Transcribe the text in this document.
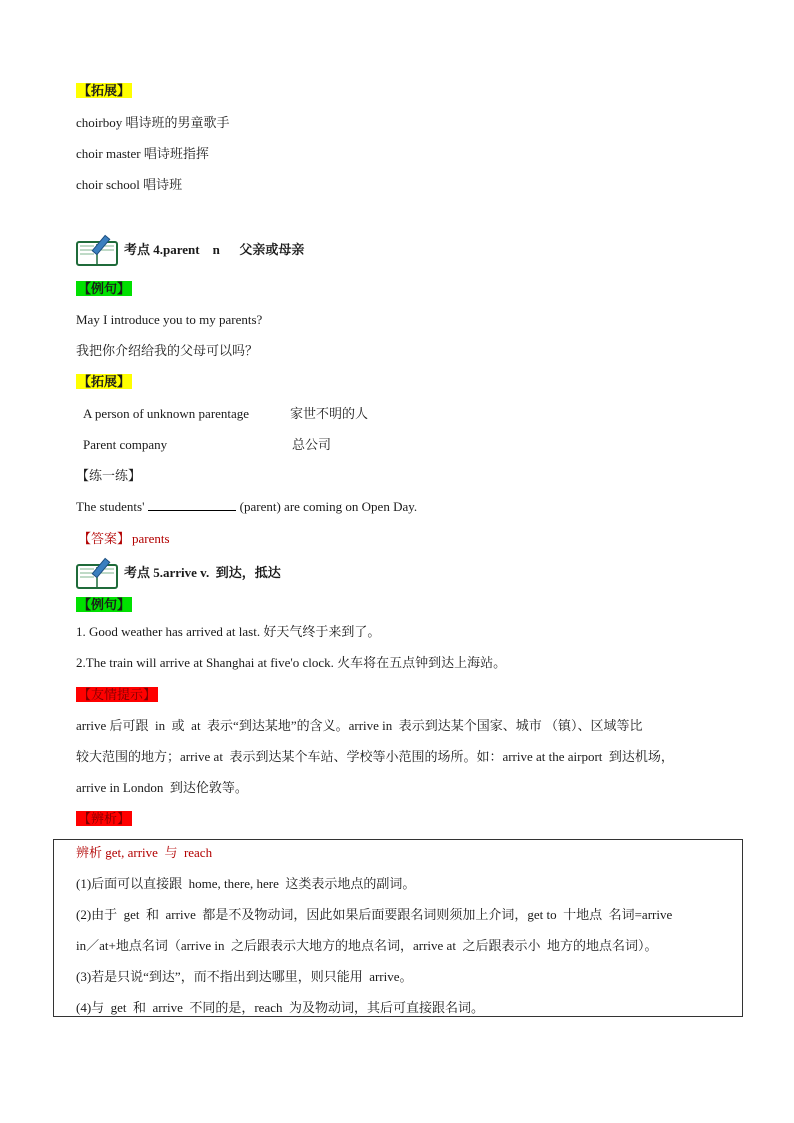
【拓展】
choirboy 唱诗班的男童歌手
choir master 唱诗班指挥
choir school 唱诗班
考点 4.parent    n      父亲或母亲
【例句】
May I introduce you to my parents?
我把你介绍给我的父母可以吗？
【拓展】
A person of unknown parentage	家世不明的人
Parent company	总公司
【练一练】
The students'	(parent) are coming on Open Day.
【答案】 parents
考点 5.arrive v.  到达，抵达
【例句】
1. Good weather has arrived at last. 好天气终于来到了。
2.The train will arrive at Shanghai at five'o clock. 火车将在五点钟到达上海站。
【友情提示】
arrive 后可跟  in  或  at  表示“到达某地”的含义。arrive in  表示到达某个国家、城市 （镇）、区域等比
较大范围的地方；arrive at  表示到达某个车站、学校等小范围的场所。如：arrive at the airport  到达机场，
arrive in London  到达伦敦等。
【辨析】
辨析 get, arrive  与  reach
(1)后面可以直接跟  home, there, here  这类表示地点的副词。
(2)由于  get  和  arrive  都是不及物动词，因此如果后面要跟名词则须加上介词，get to  十地点  名词=arrive
in／at+地点名词（arrive in  之后跟表示大地方的地点名词，arrive at  之后跟表示小  地方的地点名词）。
(3)若是只说“到达”，而不指出到达哪里，则只能用  arrive。
(4)与  get  和  arrive  不同的是，reach  为及物动词，其后可直接跟名词。
